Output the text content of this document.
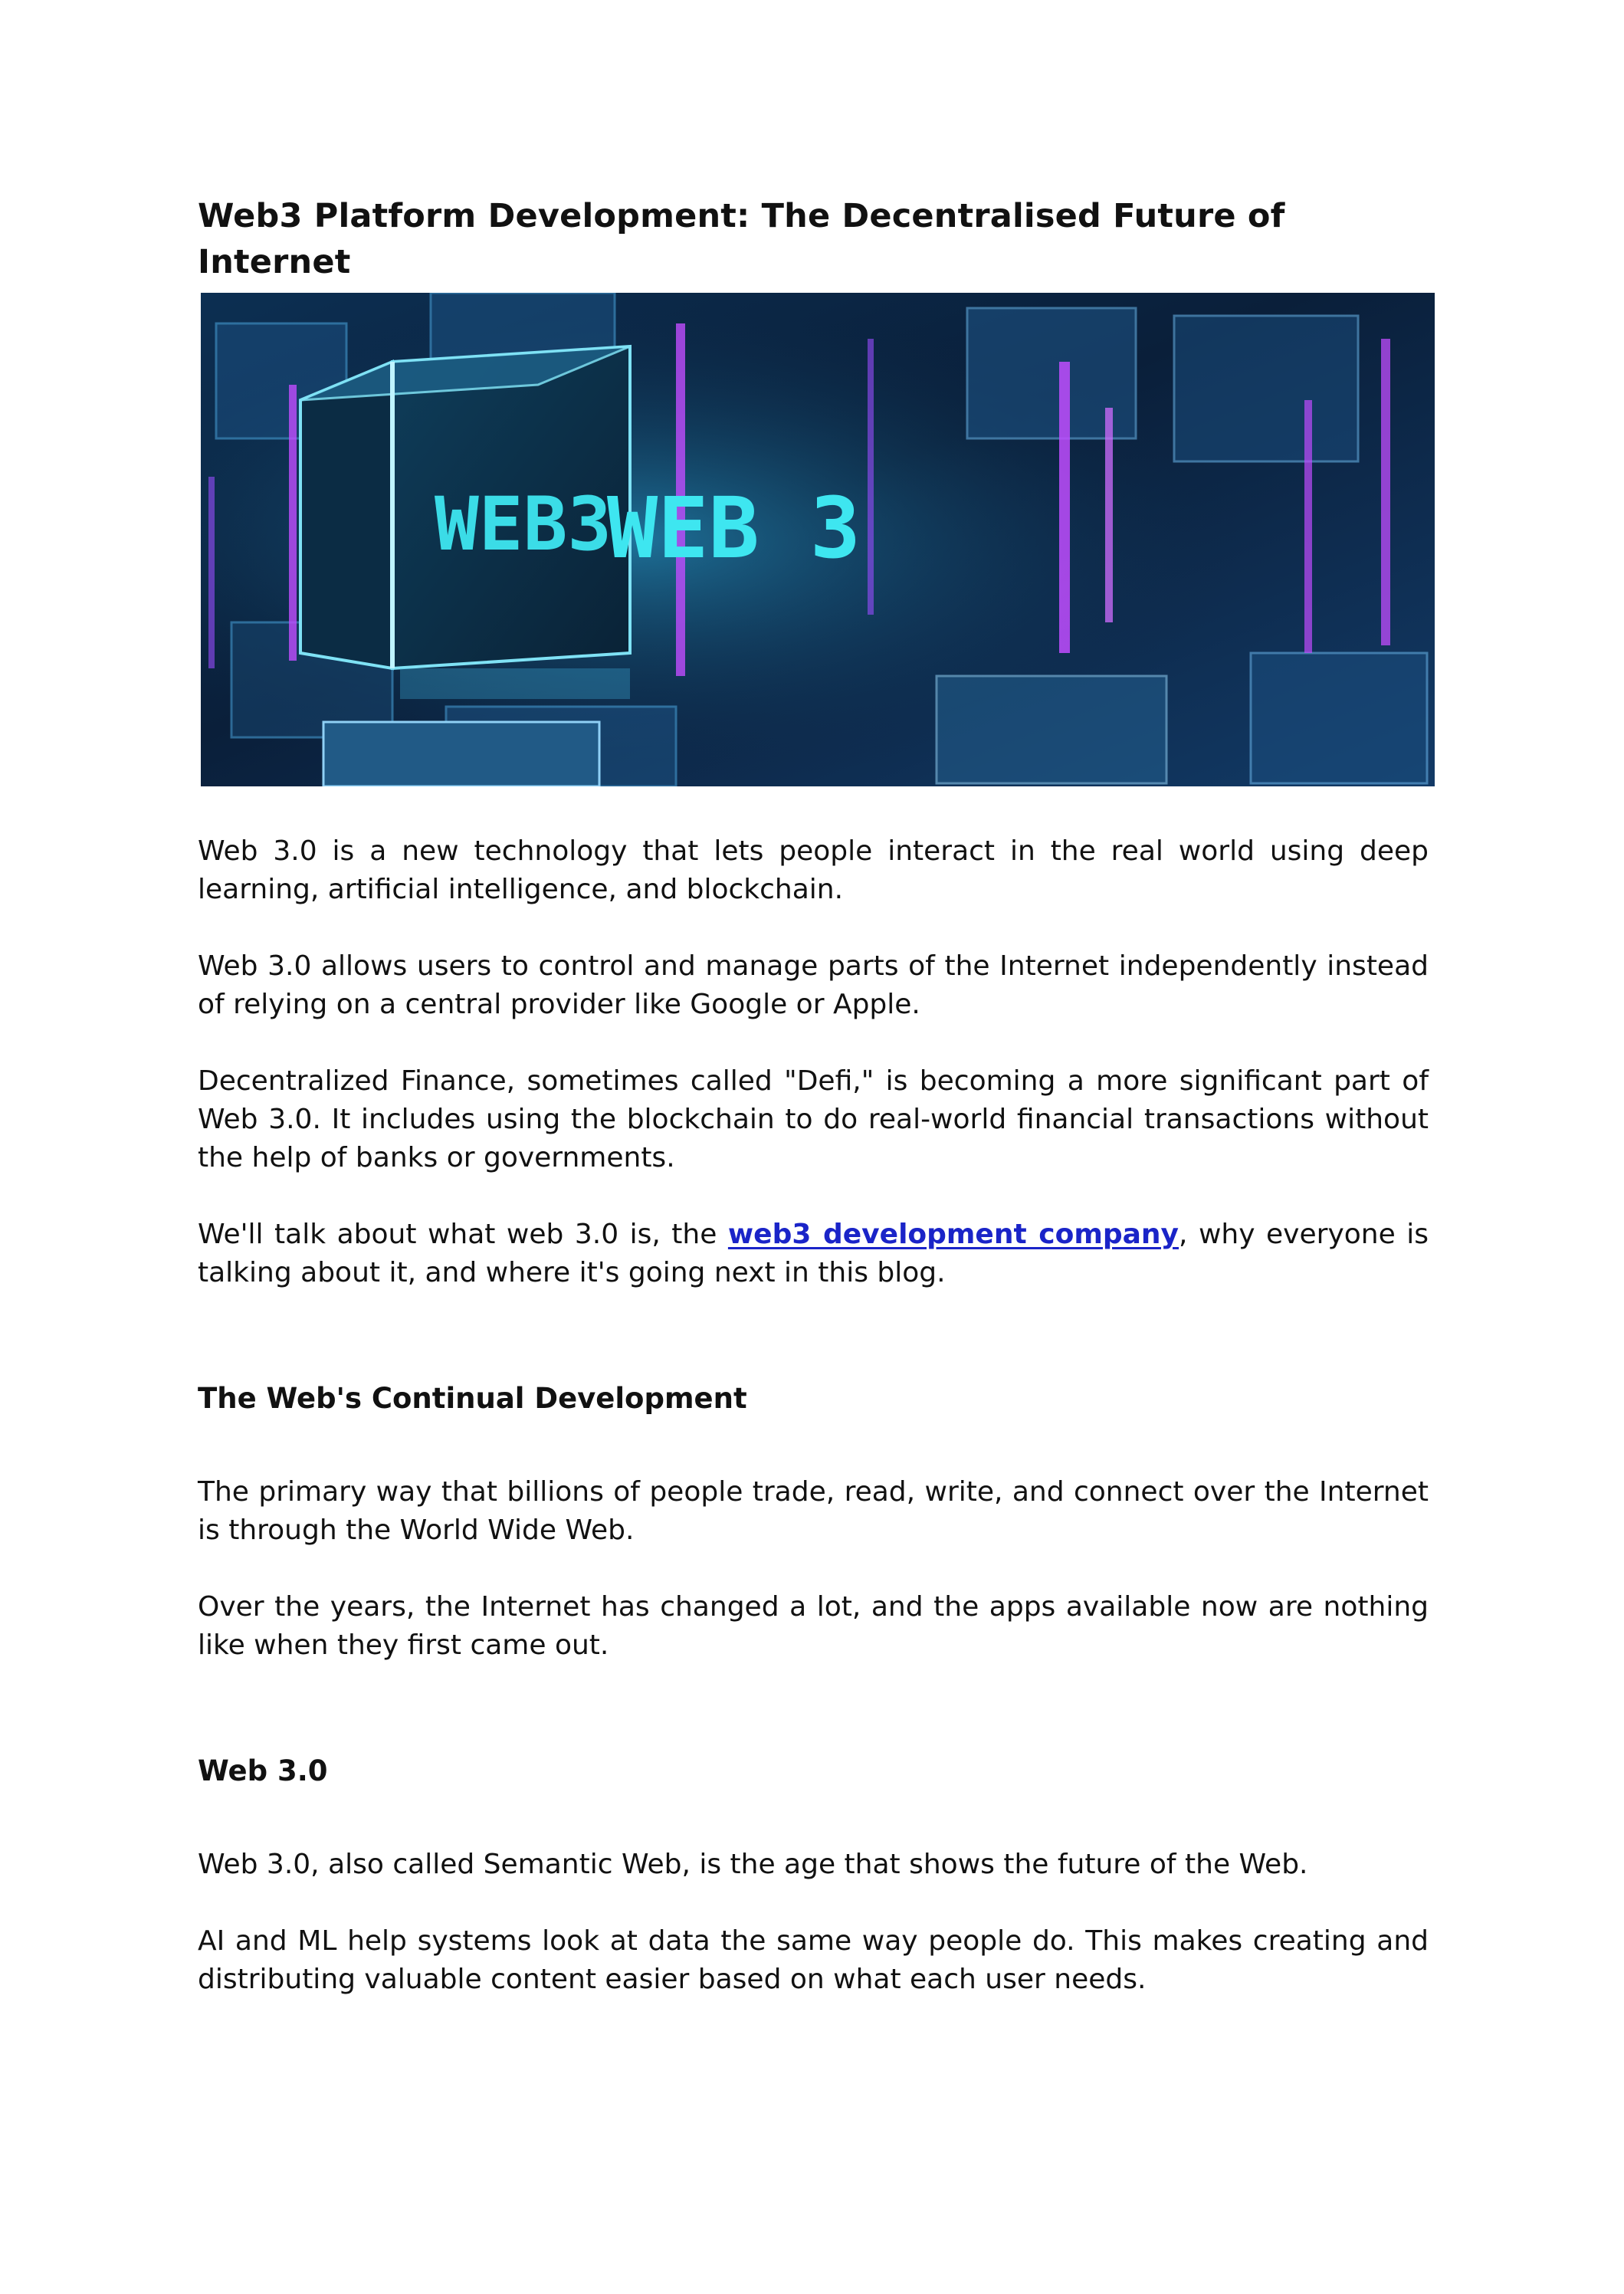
Web3 Platform Development: The Decentralised Future of Internet
WEB3
WEB 3

Web 3.0 is a new technology that lets people interact in the real world using deep learning, artificial intelligence, and blockchain.

Web 3.0 allows users to control and manage parts of the Internet independently instead of relying on a central provider like Google or Apple.

Decentralized Finance, sometimes called "Defi," is becoming a more significant part of Web 3.0. It includes using the blockchain to do real-world financial transactions without the help of banks or governments.

We'll talk about what web 3.0 is, the web3 development company, why everyone is talking about it, and where it's going next in this blog.

The Web's Continual Development

The primary way that billions of people trade, read, write, and connect over the Internet is through the World Wide Web.

Over the years, the Internet has changed a lot, and the apps available now are nothing like when they first came out.

Web 3.0

Web 3.0, also called Semantic Web, is the age that shows the future of the Web.

AI and ML help systems look at data the same way people do. This makes creating and distributing valuable content easier based on what each user needs.
